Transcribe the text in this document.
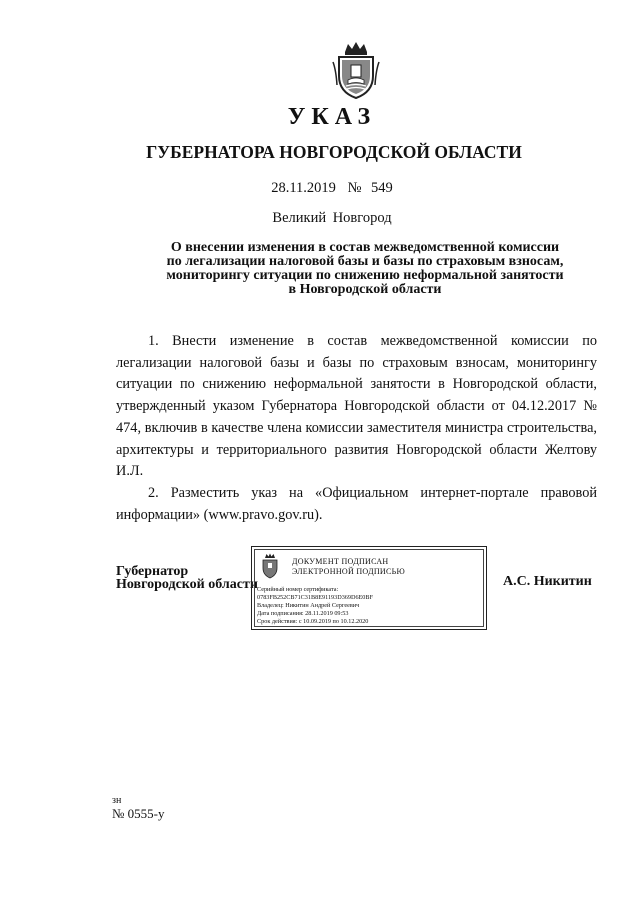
УКАЗ
ГУБЕРНАТОРА НОВГОРОДСКОЙ ОБЛАСТИ
28.11.2019 № 549
Великий Новгород
О внесении изменения в состав межведомственной комиссии
по легализации налоговой базы и базы по страховым взносам,
мониторингу ситуации по снижению неформальной занятости
в Новгородской области

1. Внести изменение в состав межведомственной комиссии по легализации налоговой базы и базы по страховым взносам, мониторингу ситуации по снижению неформальной занятости в Новгородской области, утвержденный указом Губернатора Новгородской области от 04.12.2017 № 474, включив в качестве члена комиссии заместителя министра строительства, архитектуры и территориального развития Новгородской области Желтову И.Л.

2. Разместить указ на «Официальном интернет-портале правовой информации» (www.pravo.gov.ru).

Губернатор
Новгородской области
ДОКУМЕНТ ПОДПИСАН
ЭЛЕКТРОННОЙ ПОДПИСЬЮ
Серийный номер сертификата:
0783FB252CB71C31B8E91193D369D6E0BF
Владелец: Никитин Андрей Сергеевич
Дата подписания: 28.11.2019 09:53
Срок действия: с 10.09.2019 по 10.12.2020
А.С. Никитин
зн
№ 0555-у
